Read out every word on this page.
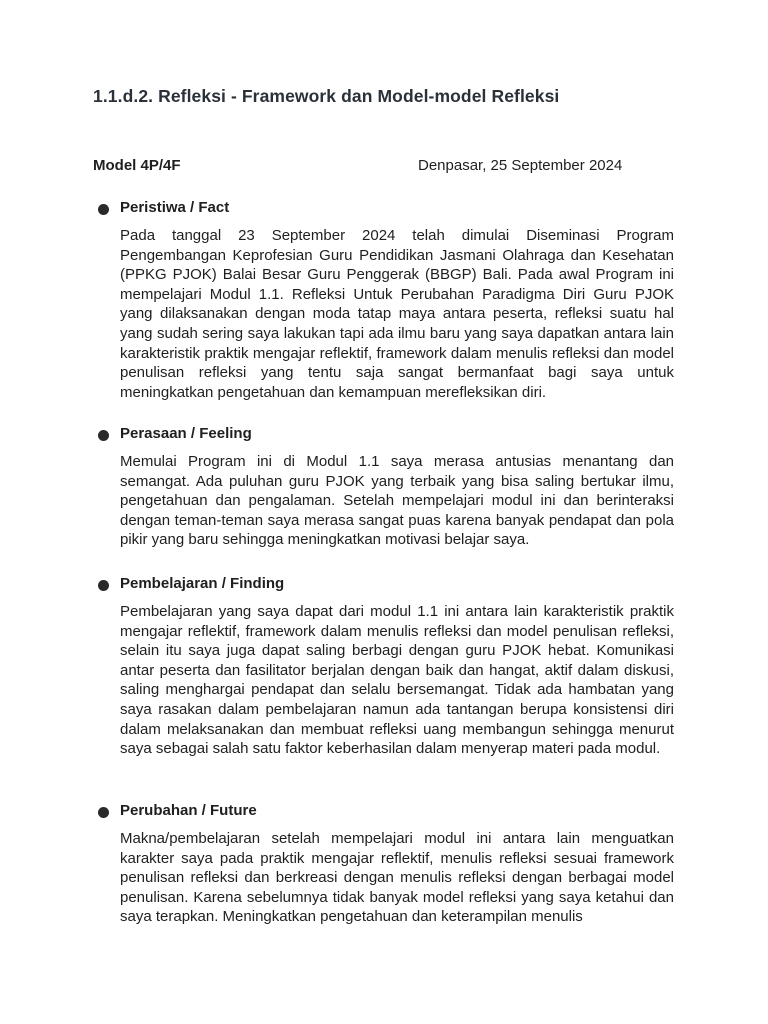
1.1.d.2. Refleksi - Framework dan Model-model Refleksi
Model 4P/4F	Denpasar, 25 September 2024
Peristiwa / Fact
Pada tanggal 23 September 2024 telah dimulai Diseminasi Program Pengembangan Keprofesian Guru Pendidikan Jasmani Olahraga dan Kesehatan (PPKG PJOK) Balai Besar Guru Penggerak (BBGP) Bali. Pada awal Program ini mempelajari Modul 1.1. Refleksi Untuk Perubahan Paradigma Diri Guru PJOK yang dilaksanakan dengan moda tatap maya antara peserta, refleksi suatu hal yang sudah sering saya lakukan tapi ada ilmu baru yang saya dapatkan antara lain karakteristik praktik mengajar reflektif, framework dalam menulis refleksi dan model penulisan refleksi yang tentu saja sangat bermanfaat bagi saya untuk meningkatkan pengetahuan dan kemampuan merefleksikan diri.
Perasaan / Feeling
Memulai Program ini di Modul 1.1 saya merasa antusias menantang dan semangat. Ada puluhan guru PJOK yang terbaik yang bisa saling bertukar ilmu, pengetahuan dan pengalaman. Setelah mempelajari modul ini dan berinteraksi dengan teman-teman saya merasa sangat puas karena banyak pendapat dan pola pikir yang baru sehingga meningkatkan motivasi belajar saya.
Pembelajaran / Finding
Pembelajaran yang saya dapat dari modul 1.1 ini antara lain karakteristik praktik mengajar reflektif, framework dalam menulis refleksi dan model penulisan refleksi, selain itu saya juga dapat saling berbagi dengan guru PJOK hebat. Komunikasi antar peserta dan fasilitator berjalan dengan baik dan hangat, aktif dalam diskusi, saling menghargai pendapat dan selalu bersemangat. Tidak ada hambatan yang saya rasakan dalam pembelajaran namun ada tantangan berupa konsistensi diri dalam melaksanakan dan membuat refleksi uang membangun sehingga menurut saya sebagai salah satu faktor keberhasilan dalam menyerap materi pada modul.
Perubahan / Future
Makna/pembelajaran setelah mempelajari modul ini antara lain menguatkan karakter saya pada praktik mengajar reflektif, menulis refleksi sesuai framework penulisan refleksi dan berkreasi dengan menulis refleksi dengan berbagai model penulisan. Karena sebelumnya tidak banyak model refleksi yang saya ketahui dan saya terapkan. Meningkatkan pengetahuan dan keterampilan menulis
